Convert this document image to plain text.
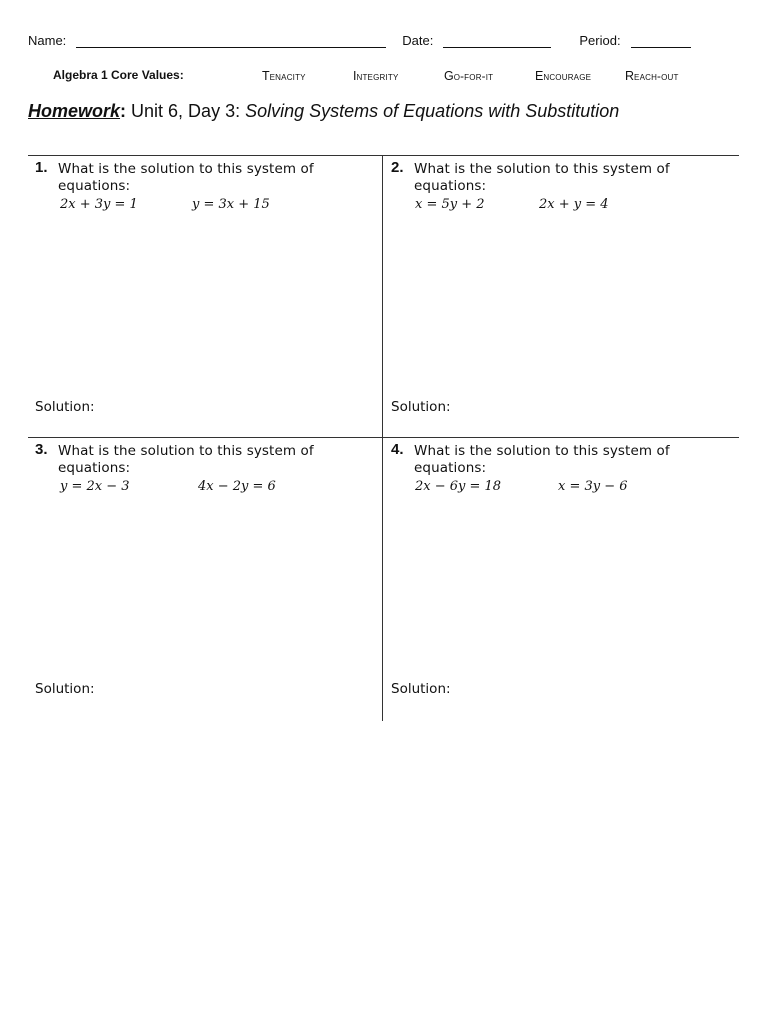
Name:	Date:	Period:
Algebra 1 Core Values:	Tenacity	Integrity	Go-for-it	Encourage	Reach-out
Homework: Unit 6, Day 3: Solving Systems of Equations with Substitution
1. What is the solution to this system of equations:
2x + 3y = 1	y = 3x + 15
Solution:
2. What is the solution to this system of equations:
x = 5y + 2	2x + y = 4
Solution:
3. What is the solution to this system of equations:
y = 2x − 3	4x − 2y = 6
Solution:
4. What is the solution to this system of equations:
2x − 6y = 18	x = 3y − 6
Solution:
